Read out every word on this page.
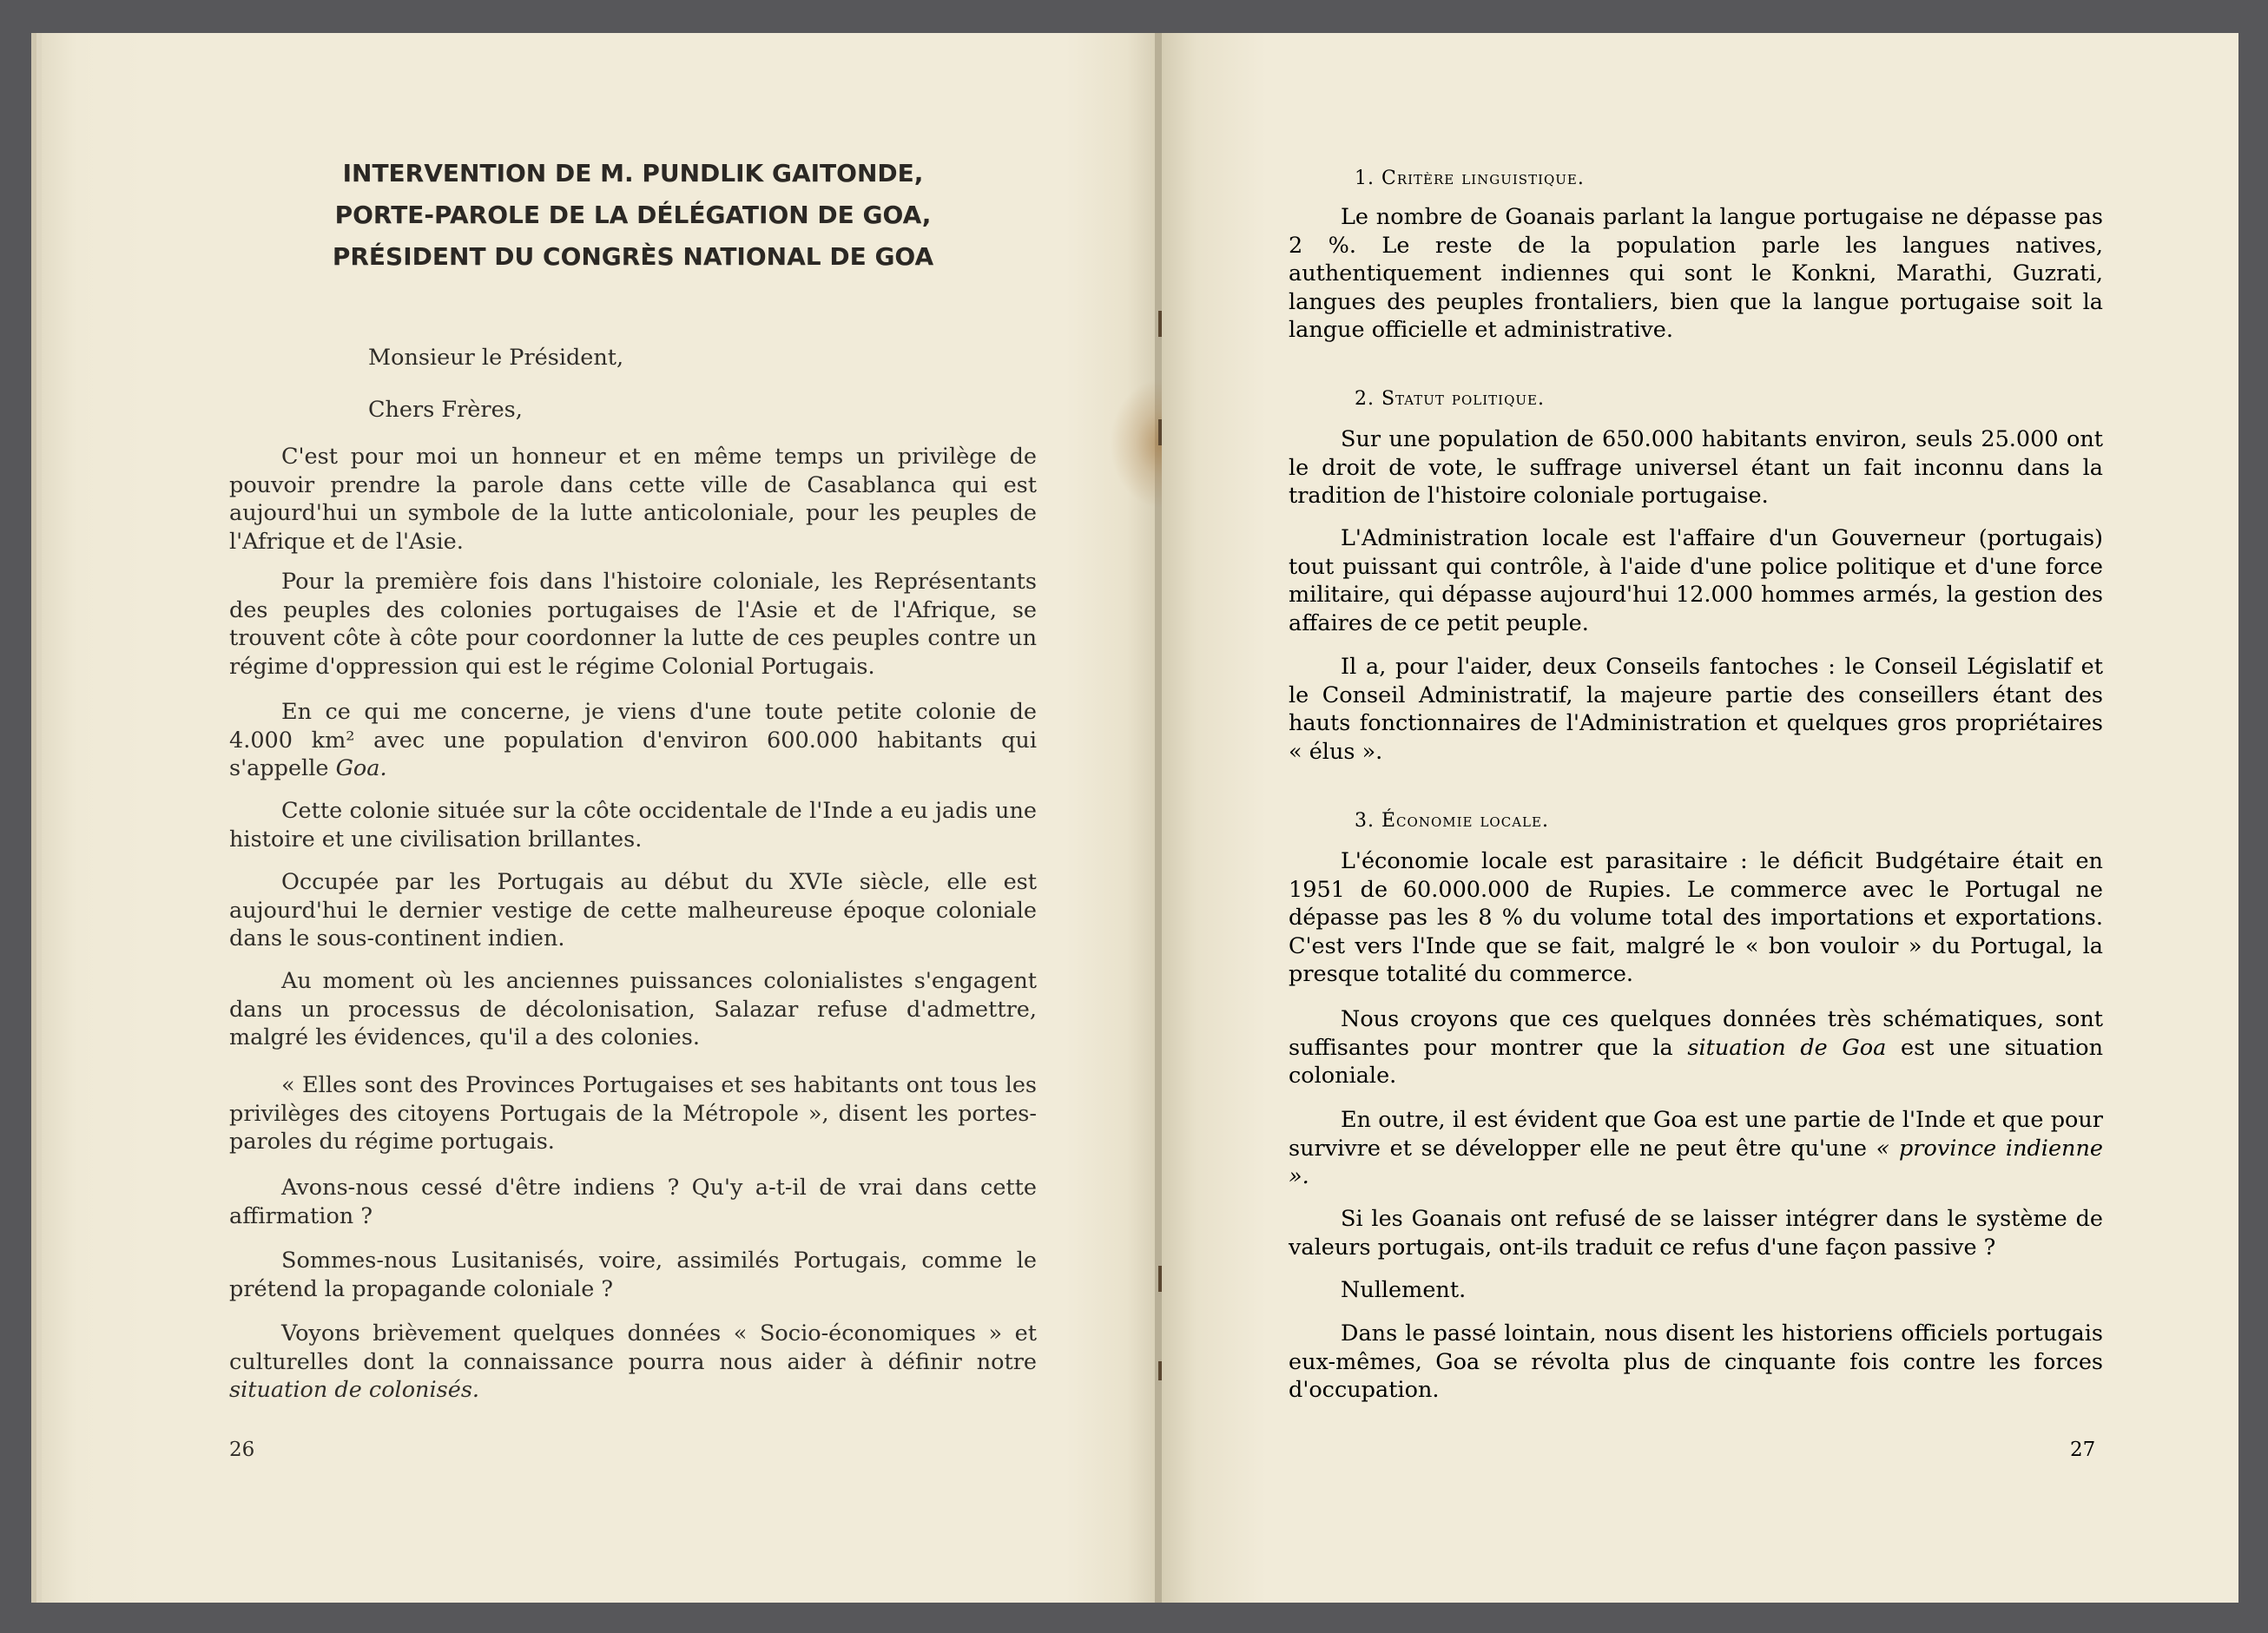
INTERVENTION DE M. PUNDLIK GAITONDE,
PORTE-PAROLE DE LA DÉLÉGATION DE GOA,
PRÉSIDENT DU CONGRÈS NATIONAL DE GOA
Monsieur le Président,
Chers Frères,
C'est pour moi un honneur et en même temps un privilège de pouvoir prendre la parole dans cette ville de Casablanca qui est aujourd'hui un symbole de la lutte anticoloniale, pour les peuples de l'Afrique et de l'Asie.
Pour la première fois dans l'histoire coloniale, les Représentants des peuples des colonies portugaises de l'Asie et de l'Afrique, se trouvent côte à côte pour coordonner la lutte de ces peuples contre un régime d'oppression qui est le régime Colonial Portugais.
En ce qui me concerne, je viens d'une toute petite colonie de 4.000 km² avec une population d'environ 600.000 habitants qui s'appelle Goa.
Cette colonie située sur la côte occidentale de l'Inde a eu jadis une histoire et une civilisation brillantes.
Occupée par les Portugais au début du XVIe siècle, elle est aujourd'hui le dernier vestige de cette malheureuse époque coloniale dans le sous-continent indien.
Au moment où les anciennes puissances colonialistes s'engagent dans un processus de décolonisation, Salazar refuse d'admettre, malgré les évidences, qu'il a des colonies.
« Elles sont des Provinces Portugaises et ses habitants ont tous les privilèges des citoyens Portugais de la Métropole », disent les portes-paroles du régime portugais.
Avons-nous cessé d'être indiens ? Qu'y a-t-il de vrai dans cette affirmation ?
Sommes-nous Lusitanisés, voire, assimilés Portugais, comme le prétend la propagande coloniale ?
Voyons brièvement quelques données « Socio-économiques » et culturelles dont la connaissance pourra nous aider à définir notre situation de colonisés.
26
1. Critère linguistique.
Le nombre de Goanais parlant la langue portugaise ne dépasse pas 2 %. Le reste de la population parle les langues natives, authentiquement indiennes qui sont le Konkni, Marathi, Guzrati, langues des peuples frontaliers, bien que la langue portugaise soit la langue officielle et administrative.
2. Statut politique.
Sur une population de 650.000 habitants environ, seuls 25.000 ont le droit de vote, le suffrage universel étant un fait inconnu dans la tradition de l'histoire coloniale portugaise.
L'Administration locale est l'affaire d'un Gouverneur (portugais) tout puissant qui contrôle, à l'aide d'une police politique et d'une force militaire, qui dépasse aujourd'hui 12.000 hommes armés, la gestion des affaires de ce petit peuple.
Il a, pour l'aider, deux Conseils fantoches : le Conseil Législatif et le Conseil Administratif, la majeure partie des conseillers étant des hauts fonctionnaires de l'Administration et quelques gros propriétaires « élus ».
3. Économie locale.
L'économie locale est parasitaire : le déficit Budgétaire était en 1951 de 60.000.000 de Rupies. Le commerce avec le Portugal ne dépasse pas les 8 % du volume total des importations et exportations. C'est vers l'Inde que se fait, malgré le « bon vouloir » du Portugal, la presque totalité du commerce.
Nous croyons que ces quelques données très schématiques, sont suffisantes pour montrer que la situation de Goa est une situation coloniale.
En outre, il est évident que Goa est une partie de l'Inde et que pour survivre et se développer elle ne peut être qu'une « province indienne ».
Si les Goanais ont refusé de se laisser intégrer dans le système de valeurs portugais, ont-ils traduit ce refus d'une façon passive ?
Nullement.
Dans le passé lointain, nous disent les historiens officiels portugais eux-mêmes, Goa se révolta plus de cinquante fois contre les forces d'occupation.
27
